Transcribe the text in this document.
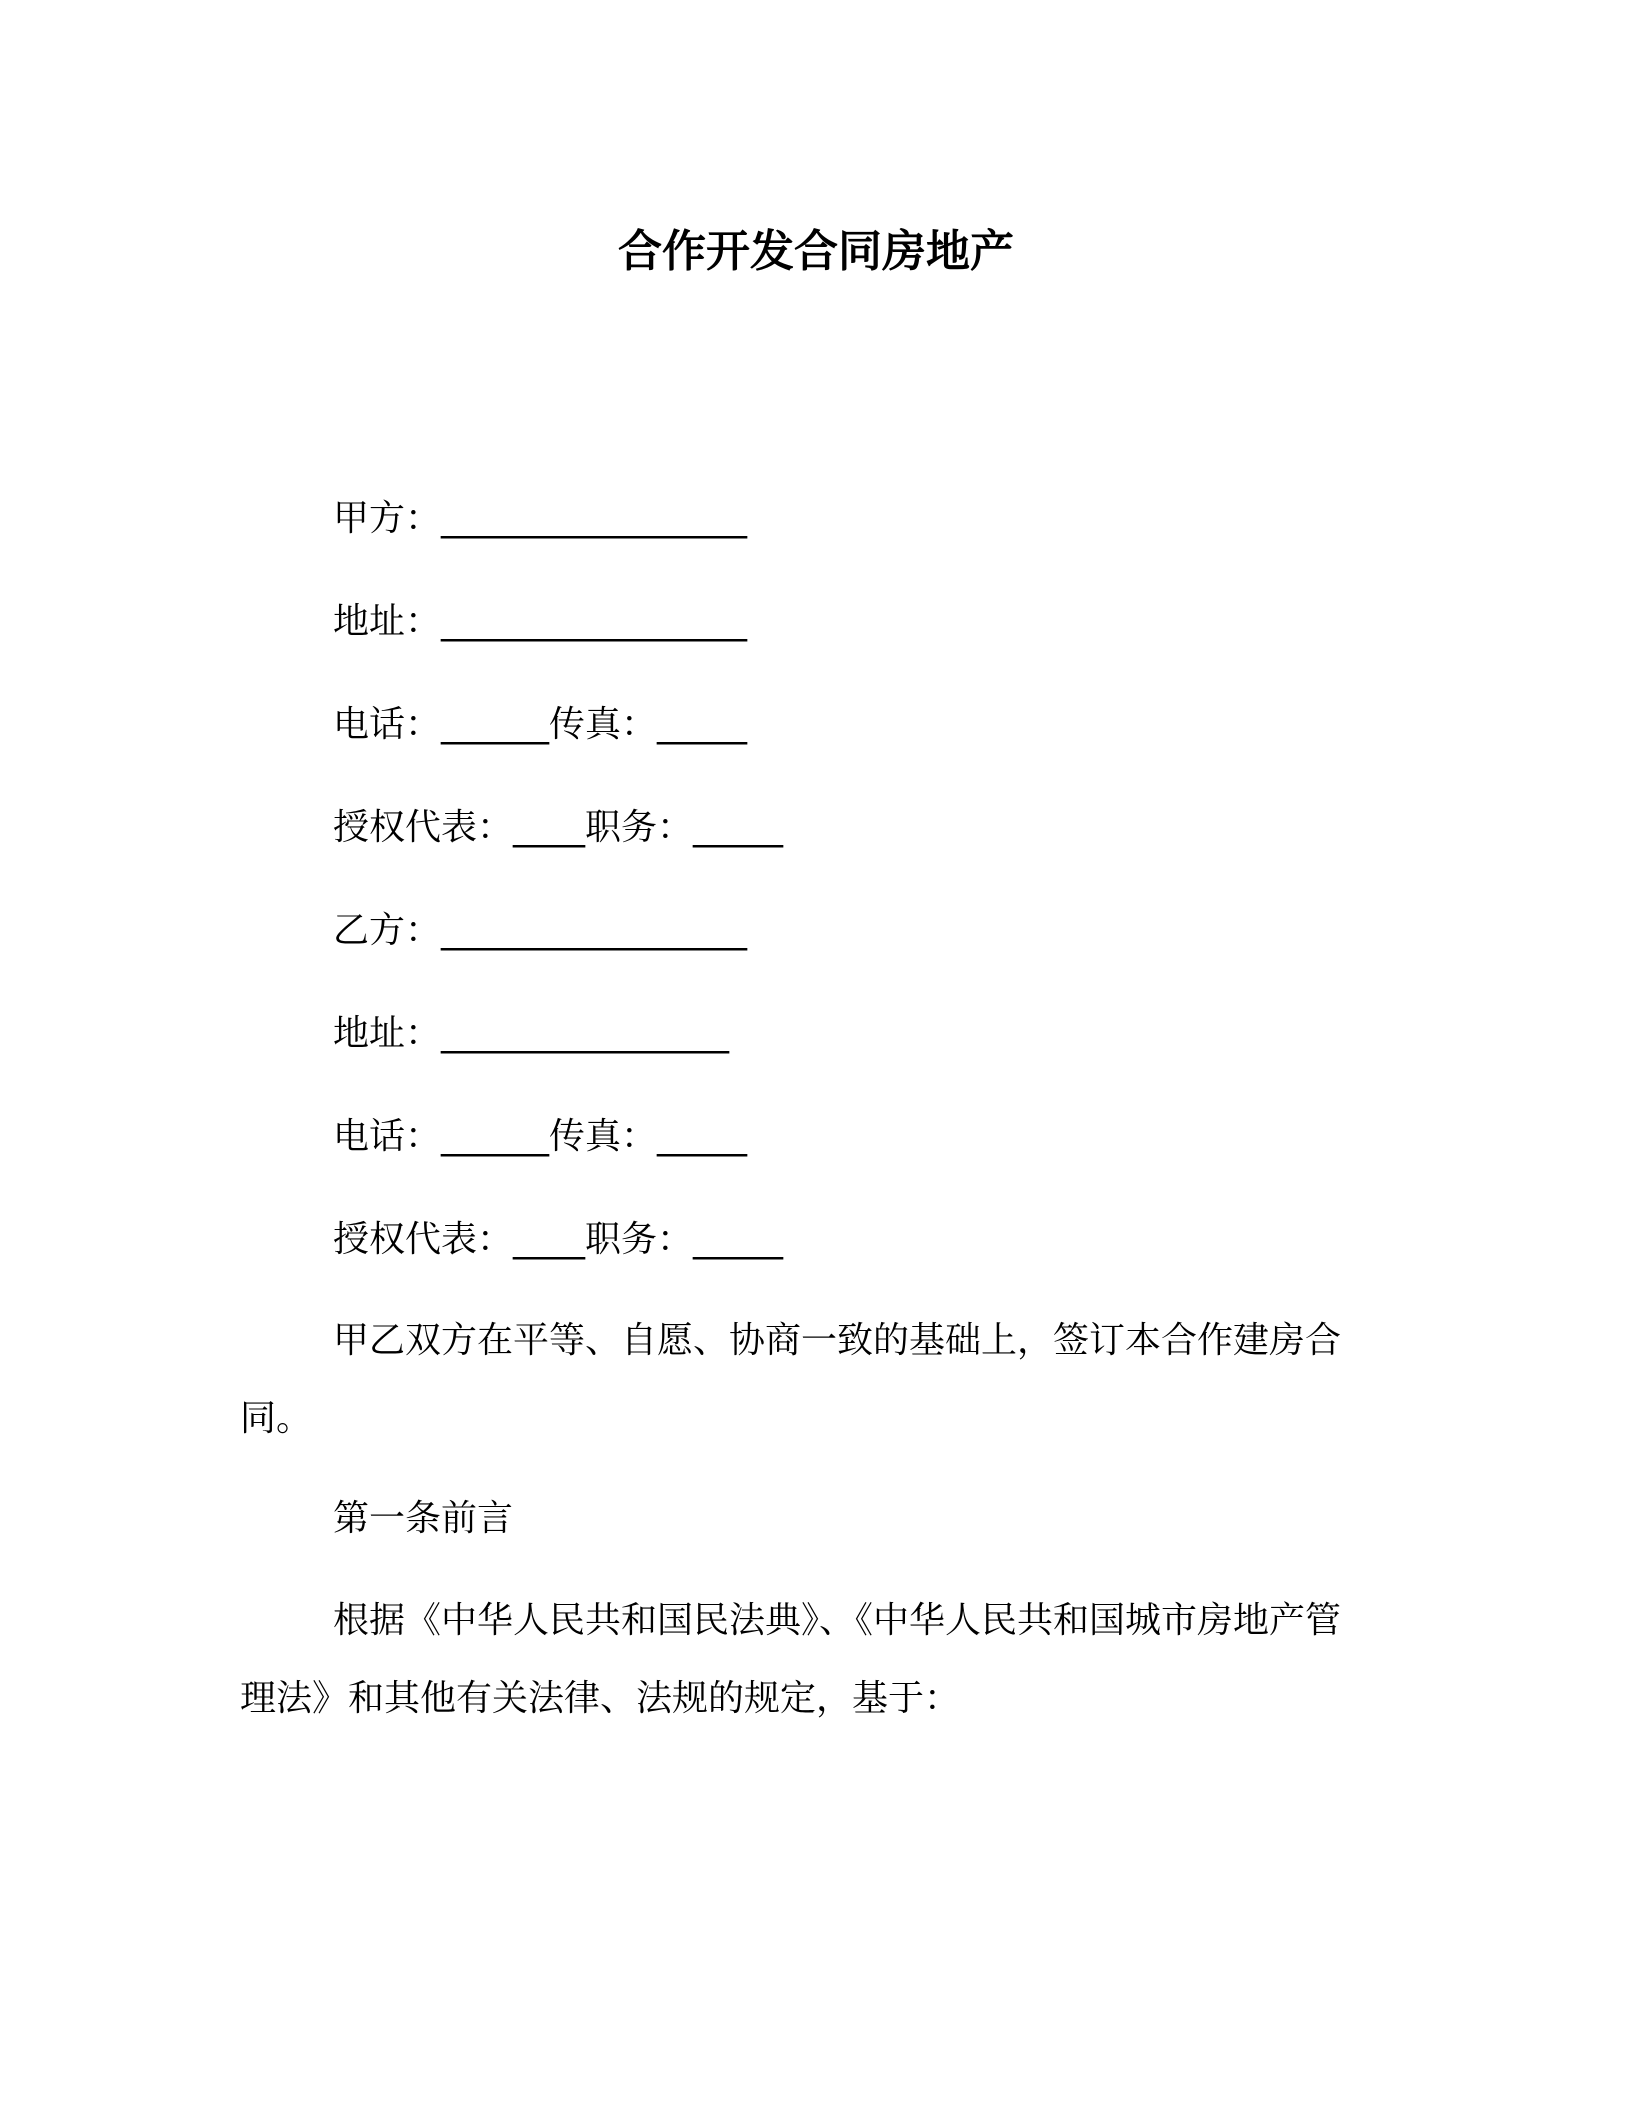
合作开发合同房地产
甲方：_________________
地址：_________________
电话：______传真：_____
授权代表：____职务：_____
乙方：_________________
地址：________________
电话：______传真：_____
授权代表：____职务：_____
甲乙双方在平等、自愿、协商一致的基础上，签订本合作建房合同。
第一条前言
根据《中华人民共和国民法典》、《中华人民共和国城市房地产管理法》和其他有关法律、法规的规定，基于：
